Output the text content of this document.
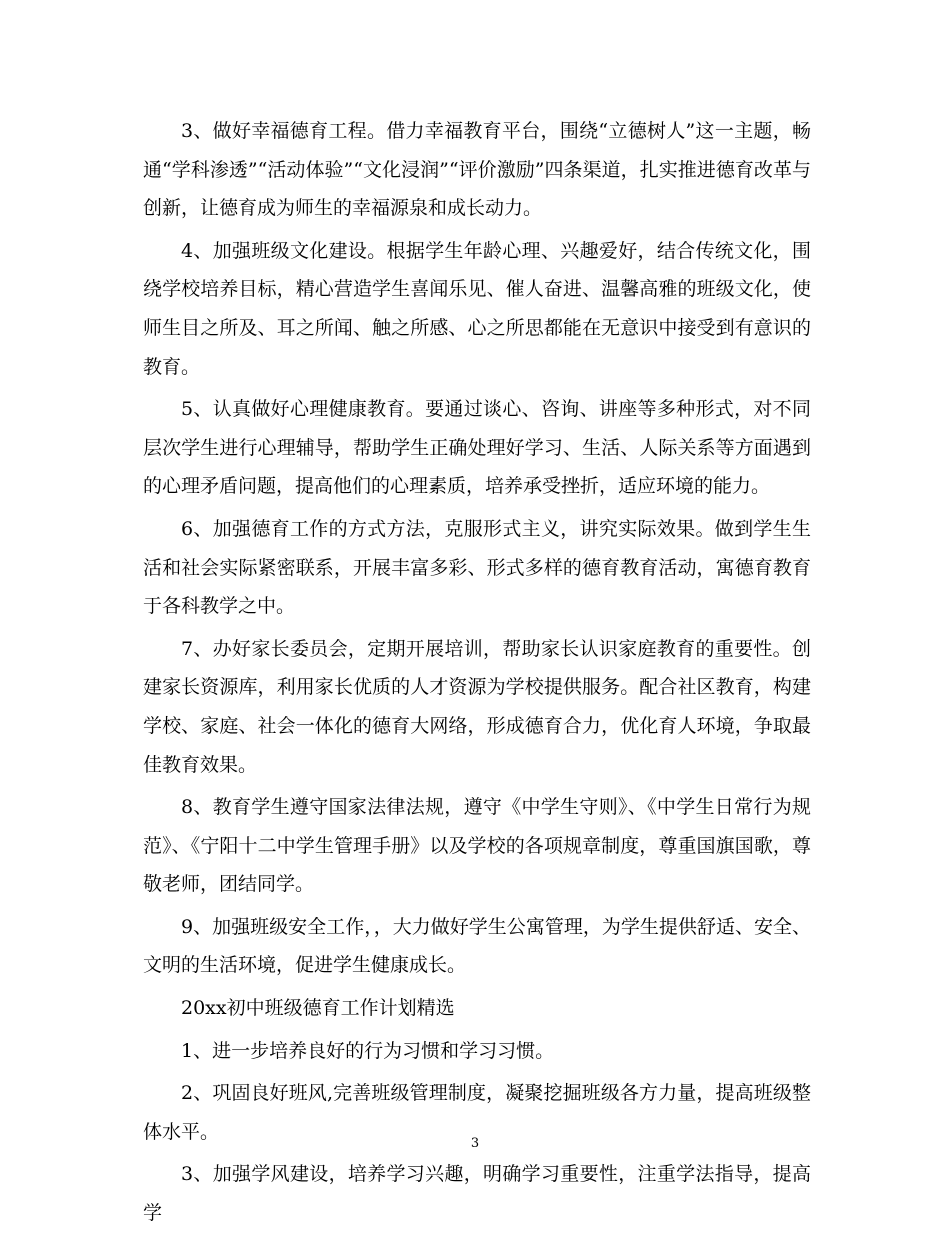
3、做好幸福德育工程。借力幸福教育平台，围绕“立德树人”这一主题，畅通“学科渗透”“活动体验”“文化浸润”“评价激励”四条渠道，扎实推进德育改革与创新，让德育成为师生的幸福源泉和成长动力。

4、加强班级文化建设。根据学生年龄心理、兴趣爱好，结合传统文化，围绕学校培养目标，精心营造学生喜闻乐见、催人奋进、温馨高雅的班级文化，使师生目之所及、耳之所闻、触之所感、心之所思都能在无意识中接受到有意识的教育。

5、认真做好心理健康教育。要通过谈心、咨询、讲座等多种形式，对不同层次学生进行心理辅导，帮助学生正确处理好学习、生活、人际关系等方面遇到的心理矛盾问题，提高他们的心理素质，培养承受挫折，适应环境的能力。

6、加强德育工作的方式方法，克服形式主义，讲究实际效果。做到学生生活和社会实际紧密联系，开展丰富多彩、形式多样的德育教育活动，寓德育教育于各科教学之中。

7、办好家长委员会，定期开展培训，帮助家长认识家庭教育的重要性。创建家长资源库，利用家长优质的人才资源为学校提供服务。配合社区教育，构建学校、家庭、社会一体化的德育大网络，形成德育合力，优化育人环境，争取最佳教育效果。

8、教育学生遵守国家法律法规，遵守《中学生守则》、《中学生日常行为规范》、《宁阳十二中学生管理手册》以及学校的各项规章制度，尊重国旗国歌，尊敬老师，团结同学。

9、加强班级安全工作，，大力做好学生公寓管理，为学生提供舒适、安全、文明的生活环境，促进学生健康成长。

20xx初中班级德育工作计划精选

1、进一步培养良好的行为习惯和学习习惯。

2、巩固良好班风,完善班级管理制度，凝聚挖掘班级各方力量，提高班级整体水平。

3、加强学风建设，培养学习兴趣，明确学习重要性，注重学法指导，提高学

3
